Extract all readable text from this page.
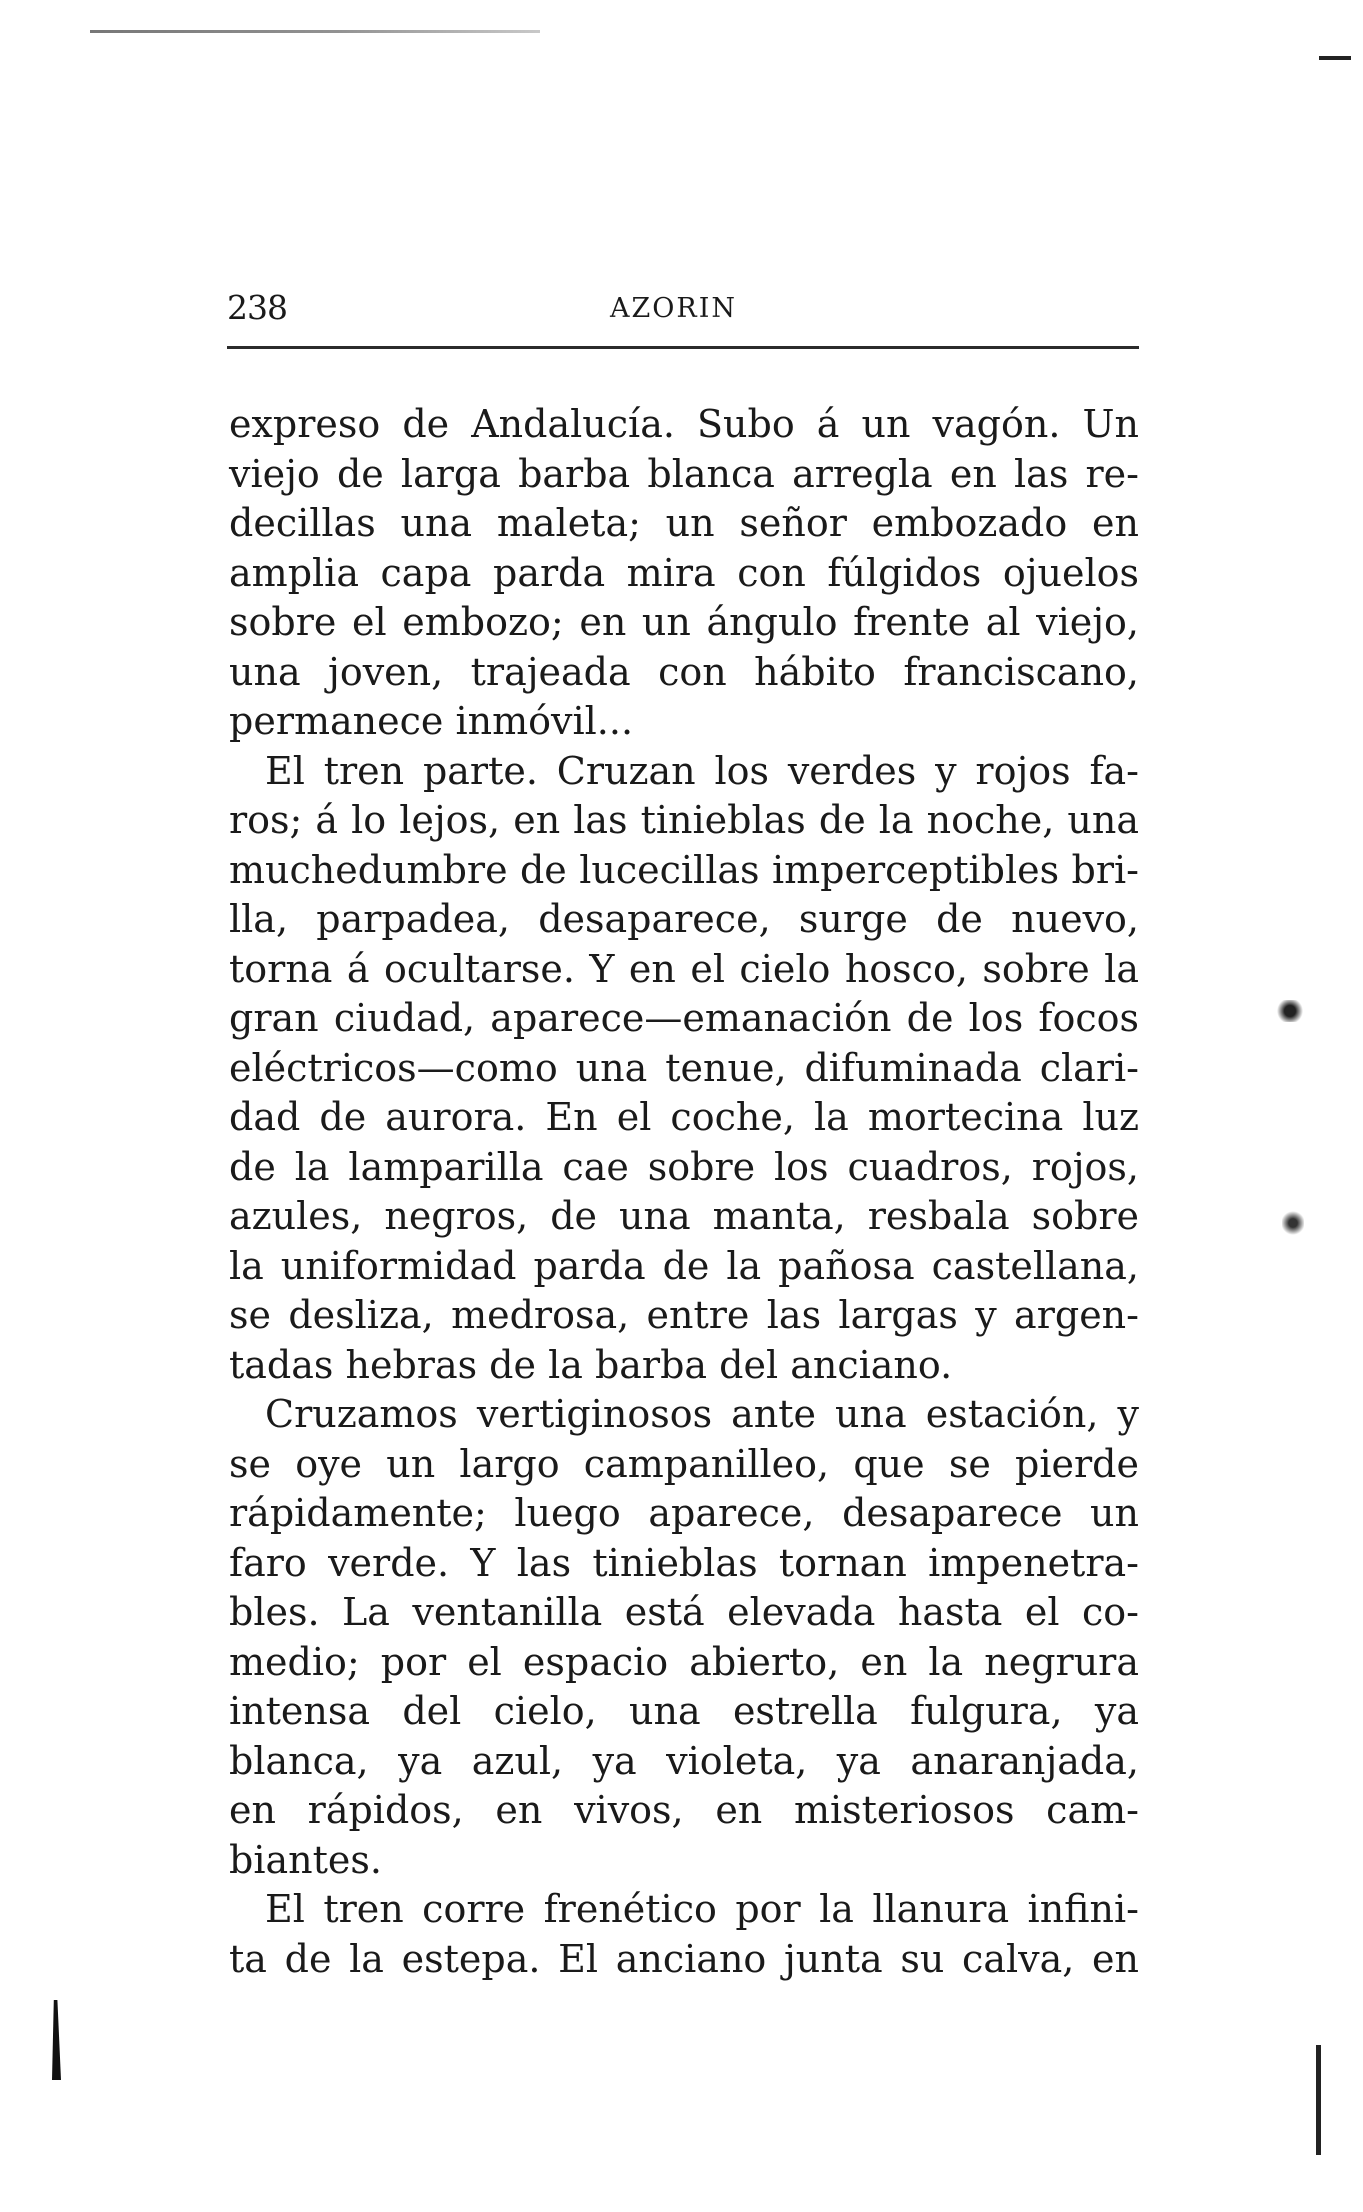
238	AZORIN
expreso de Andalucía. Subo á un vagón. Un
viejo de larga barba blanca arregla en las re-
decillas una maleta; un señor embozado en
amplia capa parda mira con fúlgidos ojuelos
sobre el embozo; en un ángulo frente al viejo,
una joven, trajeada con hábito franciscano,
permanece inmóvil...
El tren parte. Cruzan los verdes y rojos fa-
ros; á lo lejos, en las tinieblas de la noche, una
muchedumbre de lucecillas imperceptibles bri-
lla, parpadea, desaparece, surge de nuevo,
torna á ocultarse. Y en el cielo hosco, sobre la
gran ciudad, aparece—emanación de los focos
eléctricos—como una tenue, difuminada clari-
dad de aurora. En el coche, la mortecina luz
de la lamparilla cae sobre los cuadros, rojos,
azules, negros, de una manta, resbala sobre
la uniformidad parda de la pañosa castellana,
se desliza, medrosa, entre las largas y argen-
tadas hebras de la barba del anciano.
Cruzamos vertiginosos ante una estación, y
se oye un largo campanilleo, que se pierde
rápidamente; luego aparece, desaparece un
faro verde. Y las tinieblas tornan impenetra-
bles. La ventanilla está elevada hasta el co-
medio; por el espacio abierto, en la negrura
intensa del cielo, una estrella fulgura, ya
blanca, ya azul, ya violeta, ya anaranjada,
en rápidos, en vivos, en misteriosos cam-
biantes.
El tren corre frenético por la llanura infini-
ta de la estepa. El anciano junta su calva, en
